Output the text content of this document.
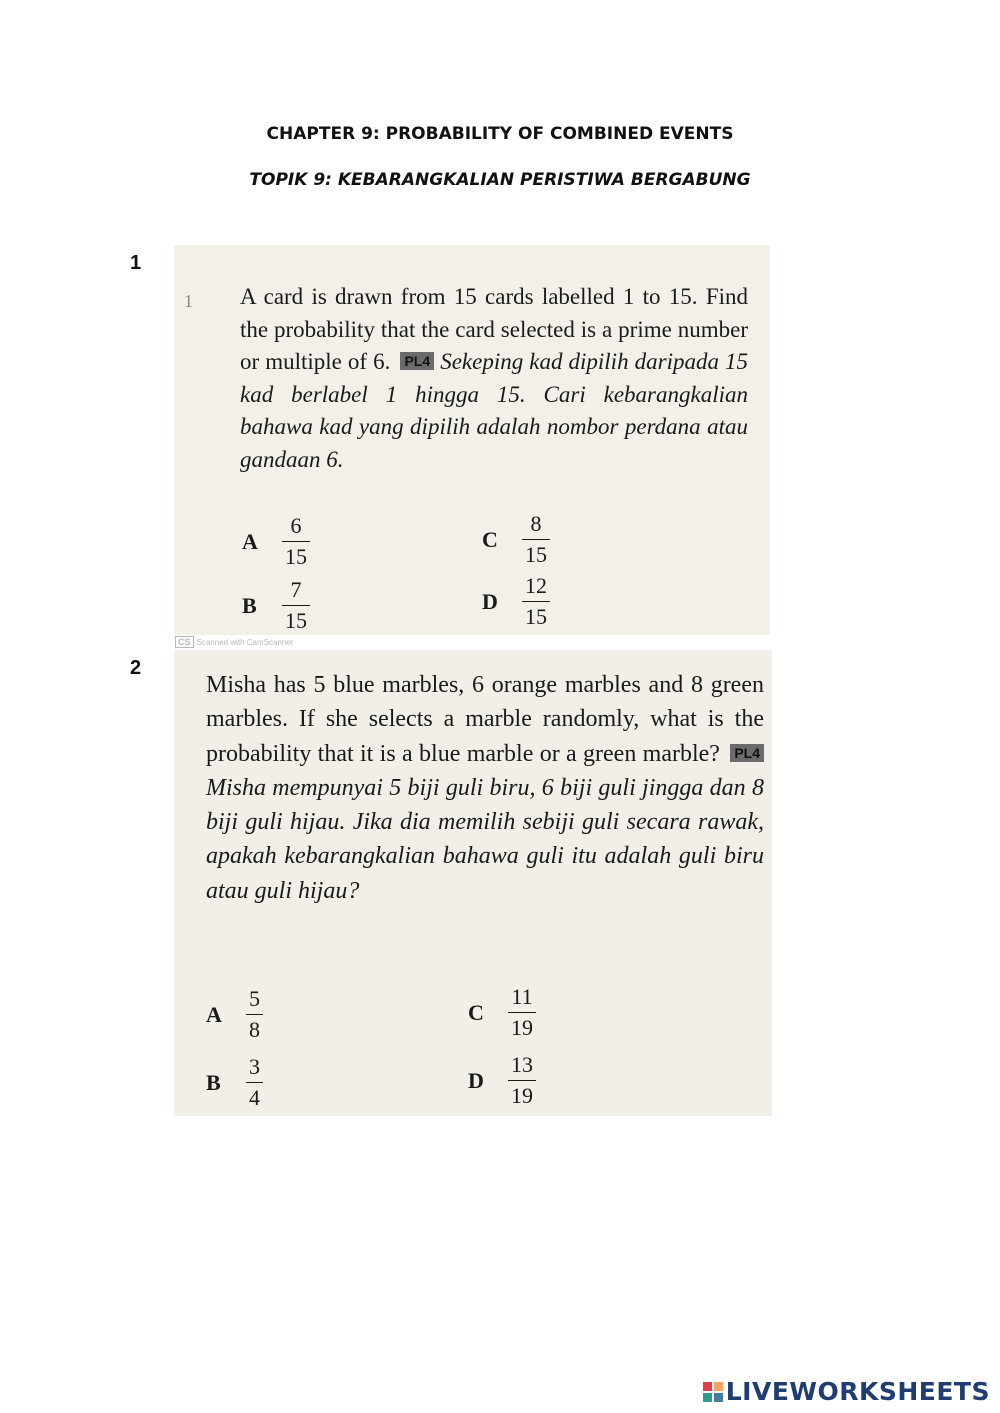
CHAPTER 9: PROBABILITY OF COMBINED EVENTS
TOPIK 9: KEBARANGKALIAN PERISTIWA BERGABUNG
1
1 A card is drawn from 15 cards labelled 1 to 15. Find the probability that the card selected is a prime number or multiple of 6. PL4 Sekeping kad dipilih daripada 15 kad berlabel 1 hingga 15. Cari kebarangkalian bahawa kad yang dipilih adalah nombor perdana atau gandaan 6.
A	$\frac{6}{15}$
B	$\frac{7}{15}$
C	$\frac{8}{15}$
D	$\frac{12}{15}$
CS Scanned with CamScanner
2
Misha has 5 blue marbles, 6 orange marbles and 8 green marbles. If she selects a marble randomly, what is the probability that it is a blue marble or a green marble? PL4 Misha mempunyai 5 biji guli biru, 6 biji guli jingga dan 8 biji guli hijau. Jika dia memilih sebiji guli secara rawak, apakah kebarangkalian bahawa guli itu adalah guli biru atau guli hijau?
A	$\frac{5}{8}$
B	$\frac{3}{4}$
C	$\frac{11}{19}$
D	$\frac{13}{19}$
LIVEWORKSHEETS
